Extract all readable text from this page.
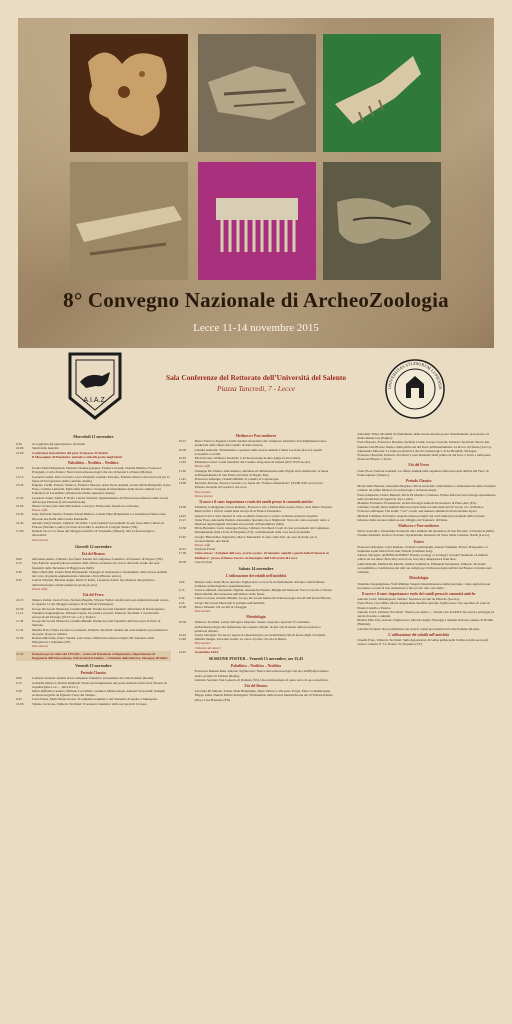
8° Convegno Nazionale di ArcheoZoologia
Lecce 11-14 novembre 2015
A.I.A.Z.
Sala Conferenze del Rettorato dell’Università del Salento
Piazza Tancredi, 7 - Lecce	UNIVERSITAS STUDIORUM LUPIENSIS
Mercoledì 11 novembre
9.30	Accoglienza dei partecipanti e iscrizioni
10.00	Saluti delle Autorità
12.00	Conferenza introduttiva del prof. Francesco D'Andria
Il Messapium di Manduria: animali e culti alle porte degli Inferi
Paleolitico – Neolitico – Neolitico
13.00	Ursula Thun Hohenstein, Sharada Channarayapatna, Federica Grandi, Claudia Martino, Francesca D'Argenio, Carlo Peretto: Nuovi dati archeozoologici dal sito di Isernia La Pineta (Molise).
13.15	Leonardo Salari, Piero Cavuoto, Luca Pandolfi, Carmelo Petronio, Fabrizio Marra: Una nuova età per la fauna di Saccopastore (Italia centrale, Roma).
13.30	Eugenio Cerilli, Ernesto Santucci, Federica Moreno, Anna Paola Anzidei, Grazia Maria Bulgarelli, Ivana Fiore, Cristina Lemorini, Maria Rita Palombo: Strategie di sfruttamento delle risorse animali a La Polledrara di Cecanibbio (Pleistocene medio superiore, Roma).
15.45	Leonardo Salari, Mario F. Rolfo, Letizia Silvestri: Inquadramento del Pleistocene inferiore della Grotta dell'Acqua Pulsante (Lazio meridionale).
14.00	Mona Cavone (alta valle dell'Aniene, Lazio) tra Pleistocene Superiore e Olocene.
Pausa caffè
14.30	Irene Valverde Tejedor, Paloma Sabalà Bellisco, Ursula Thun Hohenstein: La transizione Pleistocene-Olocene nei livelli della Grotta Romanelli.
14.45	Antonio Luigi Zanetti, Umberto Tecchiati: I resti faunistici provenienti da una fossa della Cultura di Fiorano (Neolitico antico) scavata in località S. Andrea di Cologna Veneta (VR).
17.00	Daniela Saccà: La fauna del villaggio neolitico di Trasanello (Matera): dati archeozoologici e tafonomici.
Discussione
Giovedì 12 novembre
Età del Bronzo
9.00	Alfonsina Amato, Umberto Tecchiati: Analisi del complesso faunistico di Dossetto di Nogara (VR).
9.15	Sara Epifani: Aspetti paleoeconomici della cultura terramaricola: nuovi dati dallo studio dei resti faunistici della Terramara di Baggiovara (MO).
9.30	Marco Bertolini, Ursula Thun Hohenstein: Strategie di sussistenza e sfruttamento delle risorse animali nel corso di grande segmentazione culturale a Nola (Bronzo antico).
9.45	Letizia Silvestri, Micaela Angle, Mario F. Rolfo, Leonardo Salari: Il potenziale interpretativo dell'archeofauna: alcuni esempi da grotte (Lazio).
Pausa caffè
Età del Ferro
10.15	Monica Zedda, Laura Porcu, Stefania Bagella, Vittorio Farina: Analisi dei resti animali rinvenuti presso la capanna 12 del villaggio nuragico di Sa Nuraxi (Sardegna).
10.30	Jacopo De Grossi Mazzorin, Claudia Minniti: Esame dei resti faunistici dell'abitato di Pontecagnano.
11.15	Valentina Zappalaglione, Michele Cupitò, Giovanni Leonardi, Umberto Tecchiati: I cavalli della necropoli del Piovego (VI-IV sec. a.C.), Padova.
11.30	Jacopo De Grossi Mazzorin, Claudia Minniti: Esame dei resti faunistici dell'area sacra di Torre di Satriano.
11.45	Ornella Prato, Fabio Luciano Cocomazzi, Umberto Tecchiati: Analisi dei resti faunistici provenienti da un pozzo di epoca romana.
12.00	Roberta Micciché, Pietro Valenti, Luca Sineo: Primi dati archeozoologici dal Santuario della Malophoros a Selinunte (TP).
Discussione
15.45	Partenza per la visita del CEDAD – Centro di Datazione e Diagnostica, Dipartimento di Ingegneria dell'Innovazione, Università del Salento – Cittadella della Ricerca, Mesagne, Brindisi
Venerdì 13 novembre
Periodo Classico
9.00	Gabriele Soranna: Analisi di un complesso faunistico proveniente dal colle Palatino (Roma).
9.15	Gabriella Petrucci, Marina Rubinich: Fauna del riempimento del pozzo nell'area della Gran Taverna di Aquileia (fine I a.C. – inizi II d.C.).
9.30	Maria Raffaella Cassano, Michela Cocciolillo, Gianluca Mastrocinque, Adriana Scoscarelli: Indagini archeozoologiche ad Egnazia: l'area del Tempio.
9.45	Lucia Pozza, Maria Elena Grasso: Il complesso faunistico del Santuario di Apollo a Metaponto.
10.00	Tiziana Lavarone, Umberto Tecchiati: Il recupero faunistico della necropoli di Crotone.
Medioevo e Post-medioevo
10.15	Marco Fatucci, Eugenio Cerilli: Analisi tafonomica del complesso faunistico dal riempimento basso medievale della chiesa del Castello di Santa Severa.
10.30	Claudia Andreini: Sfruttamento e gestione delle risorse animali a Mura Lecciane (Lecce): aspetti economici e sociali.
10.45	Silvia Eccher, Umberto Tecchiati: L'archeozoologia in Alto Adige in età romana.
11.00	Elisabetta Grassi: I resti faunistici del Castello Aragonese di Sassari (XIV-XVII secolo).
Pausa caffè
11.30	Giuseppe De Venuto: Allevamento, ambiente ed alimentazione nella Puglia tardo medievale: la fauna dell'insediamento di San Felice (Gravina di Puglia, BA).
11.45	Francesca Alhaique, Claudia Minniti: Il castello di Capodacqua.
12.00	Nicoletta Perrone, Teodoro Scarano: La fauna del "frantoio dimenticato" (XVIII-XIX secolo) nel Palazzo baronale di Caprarica di Lecce.
Discussione
Pausa pranzo
Il sacro e il cane: importanza e ruolo dei canidi presso le comunità antiche
14.30	Valentina Caldaggione, Oscar Romano, Francesco Gil, Cristina Ruiz García-Vasco, José Maria Vazquez, Maria Sofia: I resti di canidi nella necropoli di Pizzica Pantanello.
14.45	Antonio Curci, Sara Santori: Il cane in ambito funerario e votivo: evidenze archeozoologiche.
15.15	Ivana Fiore, Antonella Pansini, Alessandra Sperduti, Luca Migliorati: Non solo cani e neonati: ruolo e funzione degli ungulati rinvenuti nei pozzetti di Pietrammara (MO).
15.30	Silvia Bertolini, Lucio Giuseppe Perego, Umberto Tecchiati: I resti di cane provenienti dal Complesso Monumentale della Civita di Tarquinia (VT): considerazioni sulla cosa non trascurabile.
15.45	Giorgio Bartolomeo Ingravallo, Marco Mazzarini: Il cane come dato: un caso di studio per il riconoscimento dei rituali.
Pausa caffè
16.15	Sessione Poster
17.30	Visita museo "Artigiani dell'osso, avorio e palco. Ornamenti, utensili e giochi dalla Preistoria al Medioevo" presso il Museo Storico-Archeologico dell'Università di Lecce
20.30	Cena Sociale
Sabato 14 novembre
L'utilizzazione dei volatili nell'antichità
9.00	Monica Gala, Ivana Fiore, Antonio Tagliacozzo: La traccia di sfruttamento antropico sull'avifauna: evidenze archeologiche e sperimentazione.
9.15	Laura Lombardi, Alessandro Tagliati, Alessandra Pansini, Margherita Mussoni: Fasi al Cecchi e Vittoria Maria Marini: Ricostruzione dell'utilizzo della fauna.
9.30	Chiara Cortese, Claudio Minniti, Jacopo De Grossi Mazzorin: Paleoecologia dei siti dell'età del Bronzo.
9.45	Jacopo De Grossi Mazzorin: Il pollame nell'antichità.
10.00	Marco Masseti: Gli uccelli di Chioggia.
Discussione
Metodologia
10.30	Umberto Tecchiati, Lenny Salvagno: Deposito rituale o deposito speciale? Il contributo dell'archeozoologia alla definizione dei contesti cultuali: alcuni casi di studio della protostoria e preistoria italiana.
10.45	Lenny Salvagno: Un nuovo approccio metodologico per determinare l'età di morte degli ovicaprini.
11.00	Isabella Sanges, Giovanni Guida: Le ossa e il pozzo di Cola di Renzo.
Discussione
Chiusura dei lavori
12.45	Assemblea AIAZ
SESSIONE POSTER – Venerdì 13 novembre, ore 15.45
Paleolitico – Neolitico – Neolitico
Francesca Daniele Ruta, Antonio Tagliacozzo: Nuovi dati archeozoologici sul sito dell'Epigravettiano antico-evoluto di Paldoni (Roma).
Gabriele Soranna: San Lussorio di Romana (SS). Una testimonianza di pasto sacro di epoca neolitica.
Età del Bronzo
Giovanni Di Simone, Ursula Thun Hohenstein, Dario Petrucci, Vincenzo Forgia, Enrico Giannitrapani, Filippo Ianni, Nunzia Martin Rodriguez: Sfruttamento delle risorse faunistiche nei siti di Vallone Inferno (PA) e Case Bastione (EN).
Antonella Tiche: Modalità di sfruttamento delle risorse marine presso l'insediamento protostorico di Punta Manaccora (Puglia).
Paola Boscato, Francesco Boschin, Stefania Casini, Jacopo Crezzini, Umberto Tecchiati: Nuovi dati faunistici del Bronzo finale e della prima età del Ferro dell'insediamento La Rocca di Chiuso (Lecco).
Alessandra Mecozzi: La fauna protostorica del sito archeologico di Lu Brandali, Sardegna.
Francesco Boschin, Umberto Tecchiati: I resti faunistici della prima età del ferro a Tovel e della parte finale del Bronzo a Tovel.
Età del Ferro
Ivana Fiore, Patrizia Gastaldi: Le offerte animali nelle sepolture della necropoli dell'età del Ferro di Pontecagnano (Salerno).
Periodo Classico
Maria Stella Busana, Antonietta Bugliore, Silvia Garavello: Allevamento e alimentazione nella Cisalpina romana: un primo bilancio tra archeologia e archeozoologia.
Paola Andreatta, Chiara Bianchi, Silvia Di Martino: Cremona, Piazza Marconi: una bottega specializzata nella produzione di oggetti in osso e palco.
Manuela Fortunato: Fiorenzuola: alcuni dati sugli animali dal territorio di Pizzo Alto (FG).
Gabriele Carenti: Resti animali dalla necropoli della seconda metà del IV secolo a.C. di Pizzica.
Francesca Alhaique: The Gallic "cow": exotic and unusual animals from the Roman layers.
Michele Tommaso Fortunato: Aspetti archeozoologici dei resti animali provenienti dalla terrazza inferiore della terrazza inferiore nel villaggio del Santuario di Diana.
Medioevo e Post-medioevo
Silvia Garavello: I manufatti in materia dura animale dal monastero di San Silvestro a Nonantola (MO).
Claudia Andreini, Teodoro Scarano: Il patrimonio faunistico di Torre Santa Caterina, Nardò (Lecce).
Estero
Francesca Alhaique, Livia Romano, Federica Gabbianelli, Alessio Valentini, Franco D'Agostino: A Sumerian equid burial from Abu Tbeirah (Southern Iraq).
Alessio Salvagno: ALBINO ALBINO? Fantasy zoology or zoology's wonder? Remnant of animals which are not there: How they were born, how they disappeared from here.
Giulia Rinaldi, Martina De Marchi, Andrea Sommavia, Emanuele Tettamenti, Umberto Tecchiati: Accessibilità e condivisione dei dati: un webgis per l'archeozoologia dell'età del Bronzo in Italia nord-orientale.
Metodologia
Valentina Zappalaglione, Wolf-Rüdiger Teegen: Determinazione delle patologie: come applicarle per incontrare su resti di Sus domesticus e Sus scrofa: due casi studio.
Il sacro e il cane: importanza e ruolo dei canidi presso le comunità antiche
Antonio Curci, Michelepaolo Stefano: Sepolture di cani da Pinerolo (Grecia).
Ivana Fiore, Luca Milia, Maria Angela Ruta Serafini, Antonio Tagliacozzo: Una sepoltura di cane da Piazza Castello a Padova.
Antonio Curci, Umberto Tecchiati: "Dentro per dentro..." Alcuni casi di AMTL nei cani tra patologie ed azioni di uomo e animali.
Beatrix Phin Urla, Antonio Tagliacozzo, Micaela Angle: Paesaggi e animali dell'area romana di Pichini (Brindisi).
Gabriele Soranna: Nota preliminare sui resti di canidi provenienti dal Colle Palatino (Roma).
L'utilizzazione dei volatili nell'antichità
Ornella Prato, Umberto Tecchiati: Sulla deposizione di Gallus gallus nella Tomba A della necropoli etrusco-romana di "Le Nonne" di Tarquinia (VT).
